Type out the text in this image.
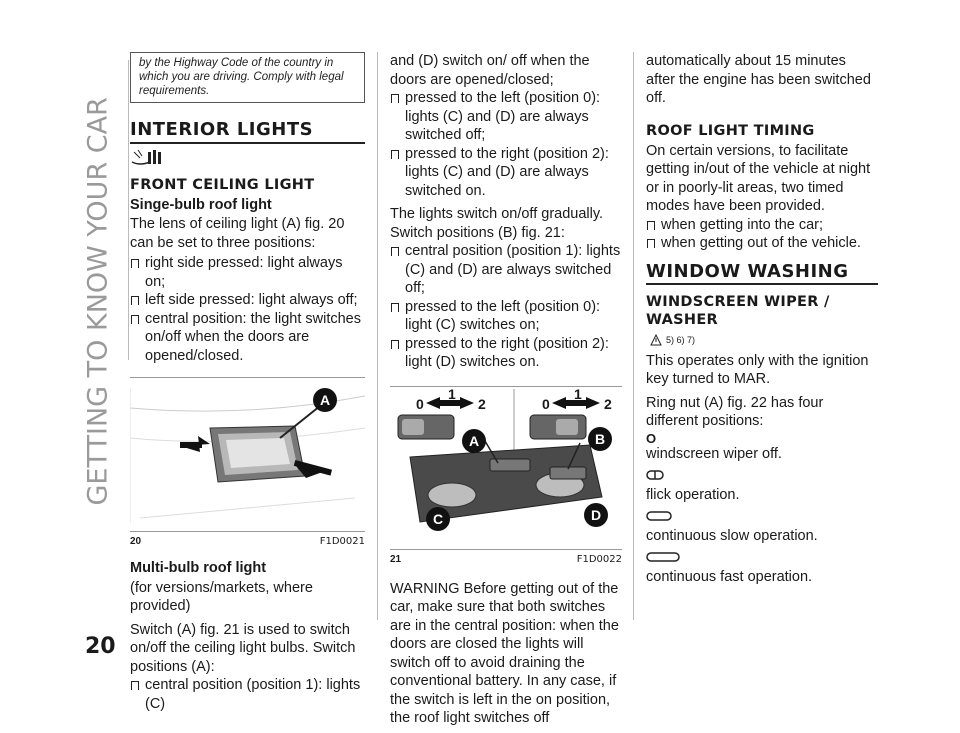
GETTING TO KNOW YOUR CAR
20
by the Highway Code of the country in which you are driving. Comply with legal requirements.
INTERIOR LIGHTS
FRONT CEILING LIGHT
Singe-bulb roof light

The lens of ceiling light (A) fig. 20 can be set to three positions:

right side pressed: light always on;
left side pressed: light always off;
central position: the light switches on/off when the doors are opened/closed.
A
20	F1D0021
Multi-bulb roof light

(for versions/markets, where provided)

Switch (A) fig. 21 is used to switch on/off the ceiling light bulbs. Switch positions (A):

central position (position 1): lights (C)

and (D) switch on/ off when the doors are opened/closed;

pressed to the left (position 0): lights (C) and (D) are always switched off;
pressed to the right (position 2): lights (C) and (D) are always switched on.

The lights switch on/off gradually. Switch positions (B) fig. 21:

central position (position 1): lights (C) and (D) are always switched off;
pressed to the left (position 0): light (C) switches on;
pressed to the right (position 2): light (D) switches on.
0
1
2	0
1
2
A	B
C	D
21	F1D0022

WARNING Before getting out of the car, make sure that both switches are in the central position: when the doors are closed the lights will switch off to avoid draining the conventional battery. In any case, if the switch is left in the on position, the roof light switches off

automatically about 15 minutes after the engine has been switched off.

ROOF LIGHT TIMING

On certain versions, to facilitate getting in/out of the vehicle at night or in poorly-lit areas, two timed modes have been provided.

when getting into the car;
when getting out of the vehicle.
WINDOW WASHING
WINDSCREEN WIPER / WASHER
5) 6) 7)

This operates only with the ignition key turned to MAR.

Ring nut (A) fig. 22 has four different positions:

O
windscreen wiper off.
flick operation.
continuous slow operation.
continuous fast operation.
